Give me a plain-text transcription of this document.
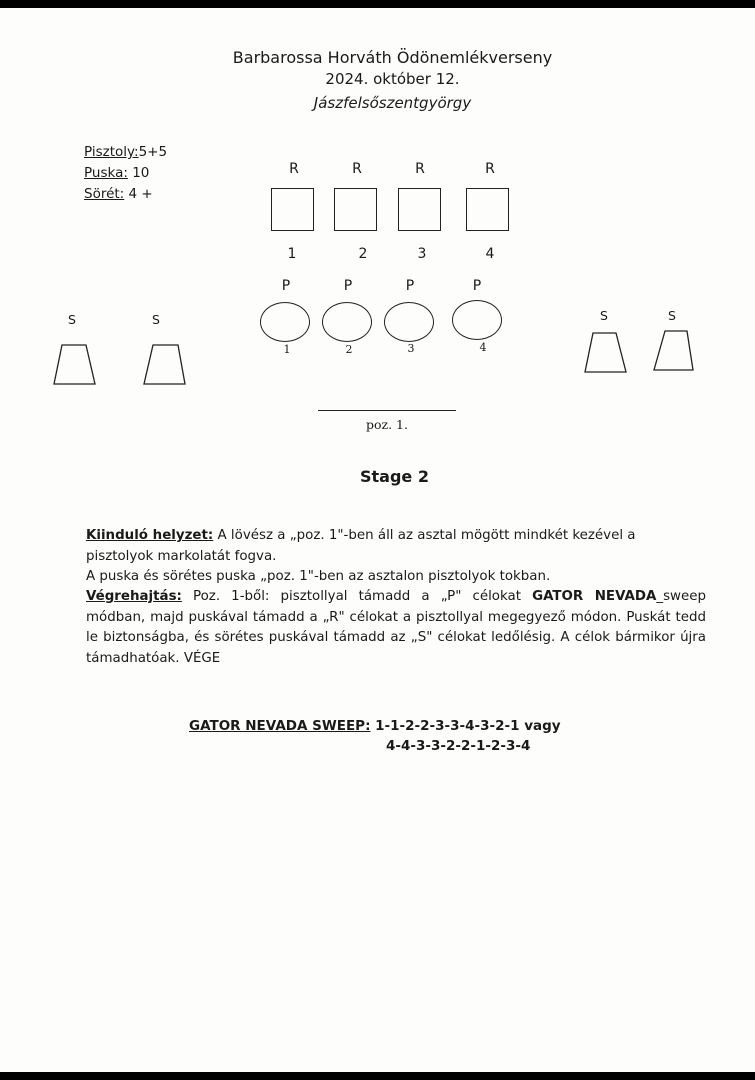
Barbarossa Horváth Ödönemlékverseny
2024. október 12.
Jászfelsőszentgyörgy
Pisztoly:5+5
Puska: 10
Sörét: 4 +
R	R	R	R
1	2	3	4
P	P	P	P
1	2	3	4
S	S	S	S
poz. 1.
Stage 2

Kiinduló helyzet: A lövész a „poz. 1"-ben áll az asztal mögött mindkét kezével a pisztolyok markolatát fogva.

A puska és sörétes puska „poz. 1"-ben az asztalon pisztolyok tokban.

Végrehajtás: Poz. 1-ből: pisztollyal támadd a „P" célokat GATOR NEVADA_sweep módban, majd puskával támadd a „R" célokat a pisztollyal megegyező módon. Puskát tedd le biztonságba, és sörétes puskával támadd az „S" célokat ledőlésig. A célok bármikor újra támadhatóak. VÉGE

GATOR NEVADA SWEEP: 1-1-2-2-3-3-4-3-2-1 vagy
4-4-3-3-2-2-1-2-3-4
